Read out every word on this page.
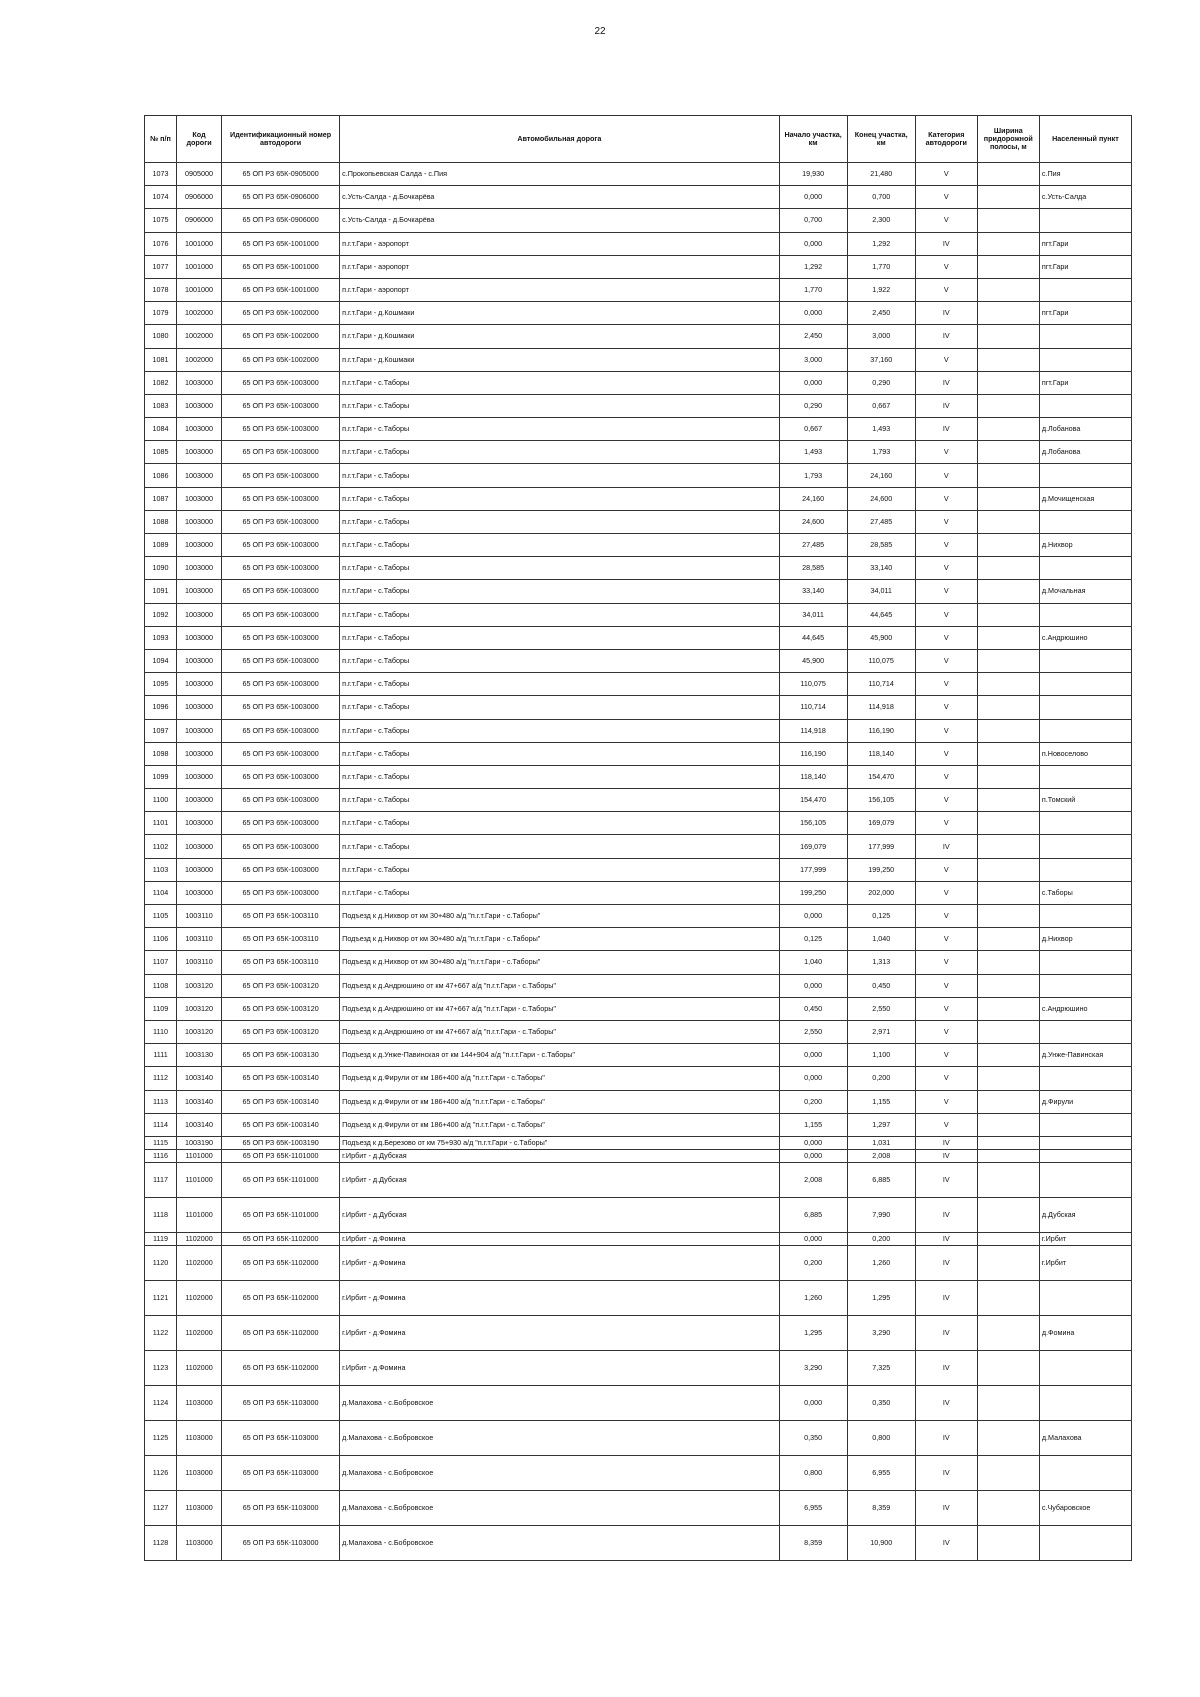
22
№ п/п	Код дороги	Идентификационный номер автодороги	Автомобильная дорога	Начало участка, км	Конец участка, км	Категория автодороги	Ширина придорожной полосы, м	Населенный пункт
1073	0905000	65 ОП РЗ 65К-0905000	с.Прокопьевская Салда - с.Пия	19,930	21,480	V		с.Пия
1074	0906000	65 ОП РЗ 65К-0906000	с.Усть-Салда - д.Бочкарёва	0,000	0,700	V		с.Усть-Салда
1075	0906000	65 ОП РЗ 65К-0906000	с.Усть-Салда - д.Бочкарёва	0,700	2,300	V		
1076	1001000	65 ОП РЗ 65К-1001000	п.г.т.Гари - аэропорт	0,000	1,292	IV		пгт.Гари
1077	1001000	65 ОП РЗ 65К-1001000	п.г.т.Гари - аэропорт	1,292	1,770	V		пгт.Гари
1078	1001000	65 ОП РЗ 65К-1001000	п.г.т.Гари - аэропорт	1,770	1,922	V		
1079	1002000	65 ОП РЗ 65К-1002000	п.г.т.Гари - д.Кошмаки	0,000	2,450	IV		пгт.Гари
1080	1002000	65 ОП РЗ 65К-1002000	п.г.т.Гари - д.Кошмаки	2,450	3,000	IV		
1081	1002000	65 ОП РЗ 65К-1002000	п.г.т.Гари - д.Кошмаки	3,000	37,160	V		
1082	1003000	65 ОП РЗ 65К-1003000	п.г.т.Гари - с.Таборы	0,000	0,290	IV		пгт.Гари
1083	1003000	65 ОП РЗ 65К-1003000	п.г.т.Гари - с.Таборы	0,290	0,667	IV		
1084	1003000	65 ОП РЗ 65К-1003000	п.г.т.Гари - с.Таборы	0,667	1,493	IV		д.Лобанова
1085	1003000	65 ОП РЗ 65К-1003000	п.г.т.Гари - с.Таборы	1,493	1,793	V		д.Лобанова
1086	1003000	65 ОП РЗ 65К-1003000	п.г.т.Гари - с.Таборы	1,793	24,160	V		
1087	1003000	65 ОП РЗ 65К-1003000	п.г.т.Гари - с.Таборы	24,160	24,600	V		д.Мочищенская
1088	1003000	65 ОП РЗ 65К-1003000	п.г.т.Гари - с.Таборы	24,600	27,485	V		
1089	1003000	65 ОП РЗ 65К-1003000	п.г.т.Гари - с.Таборы	27,485	28,585	V		д.Нихвор
1090	1003000	65 ОП РЗ 65К-1003000	п.г.т.Гари - с.Таборы	28,585	33,140	V		
1091	1003000	65 ОП РЗ 65К-1003000	п.г.т.Гари - с.Таборы	33,140	34,011	V		д.Мочальная
1092	1003000	65 ОП РЗ 65К-1003000	п.г.т.Гари - с.Таборы	34,011	44,645	V		
1093	1003000	65 ОП РЗ 65К-1003000	п.г.т.Гари - с.Таборы	44,645	45,900	V		с.Андрюшино
1094	1003000	65 ОП РЗ 65К-1003000	п.г.т.Гари - с.Таборы	45,900	110,075	V		
1095	1003000	65 ОП РЗ 65К-1003000	п.г.т.Гари - с.Таборы	110,075	110,714	V		
1096	1003000	65 ОП РЗ 65К-1003000	п.г.т.Гари - с.Таборы	110,714	114,918	V		
1097	1003000	65 ОП РЗ 65К-1003000	п.г.т.Гари - с.Таборы	114,918	116,190	V		
1098	1003000	65 ОП РЗ 65К-1003000	п.г.т.Гари - с.Таборы	116,190	118,140	V		п.Новоселово
1099	1003000	65 ОП РЗ 65К-1003000	п.г.т.Гари - с.Таборы	118,140	154,470	V		
1100	1003000	65 ОП РЗ 65К-1003000	п.г.т.Гари - с.Таборы	154,470	156,105	V		п.Томский
1101	1003000	65 ОП РЗ 65К-1003000	п.г.т.Гари - с.Таборы	156,105	169,079	V		
1102	1003000	65 ОП РЗ 65К-1003000	п.г.т.Гари - с.Таборы	169,079	177,999	IV		
1103	1003000	65 ОП РЗ 65К-1003000	п.г.т.Гари - с.Таборы	177,999	199,250	V		
1104	1003000	65 ОП РЗ 65К-1003000	п.г.т.Гари - с.Таборы	199,250	202,000	V		с.Таборы
1105	1003110	65 ОП РЗ 65К-1003110	Подъезд к д.Нихвор от км 30+480 а/д "п.г.т.Гари - с.Таборы"	0,000	0,125	V		
1106	1003110	65 ОП РЗ 65К-1003110	Подъезд к д.Нихвор от км 30+480 а/д "п.г.т.Гари - с.Таборы"	0,125	1,040	V		д.Нихвор
1107	1003110	65 ОП РЗ 65К-1003110	Подъезд к д.Нихвор от км 30+480 а/д "п.г.т.Гари - с.Таборы"	1,040	1,313	V		
1108	1003120	65 ОП РЗ 65К-1003120	Подъезд к д.Андрюшино от км 47+667 а/д "п.г.т.Гари - с.Таборы"	0,000	0,450	V		
1109	1003120	65 ОП РЗ 65К-1003120	Подъезд к д.Андрюшино от км 47+667 а/д "п.г.т.Гари - с.Таборы"	0,450	2,550	V		с.Андрюшино
1110	1003120	65 ОП РЗ 65К-1003120	Подъезд к д.Андрюшино от км 47+667 а/д "п.г.т.Гари - с.Таборы"	2,550	2,971	V		
1111	1003130	65 ОП РЗ 65К-1003130	Подъезд к д.Унже-Павинская от км 144+904 а/д "п.г.т.Гари - с.Таборы"	0,000	1,100	V		д.Унже-Павинская
1112	1003140	65 ОП РЗ 65К-1003140	Подъезд к д.Фирули от км 186+400 а/д "п.г.т.Гари - с.Таборы"	0,000	0,200	V		
1113	1003140	65 ОП РЗ 65К-1003140	Подъезд к д.Фирули от км 186+400 а/д "п.г.т.Гари - с.Таборы"	0,200	1,155	V		д.Фирули
1114	1003140	65 ОП РЗ 65К-1003140	Подъезд к д.Фирули от км 186+400 а/д "п.г.т.Гари - с.Таборы"	1,155	1,297	V		
1115	1003190	65 ОП РЗ 65К-1003190	Подъезд к д.Березово от км 75+930 а/д "п.г.т.Гари - с.Таборы"	0,000	1,031	IV		
1116	1101000	65 ОП РЗ 65К-1101000	г.Ирбит - д.Дубская	0,000	2,008	IV		
1117	1101000	65 ОП РЗ 65К-1101000	г.Ирбит - д.Дубская	2,008	6,885	IV		
1118	1101000	65 ОП РЗ 65К-1101000	г.Ирбит - д.Дубская	6,885	7,990	IV		д.Дубская
1119	1102000	65 ОП РЗ 65К-1102000	г.Ирбит - д.Фомина	0,000	0,200	IV		г.Ирбит
1120	1102000	65 ОП РЗ 65К-1102000	г.Ирбит - д.Фомина	0,200	1,260	IV		г.Ирбит
1121	1102000	65 ОП РЗ 65К-1102000	г.Ирбит - д.Фомина	1,260	1,295	IV		
1122	1102000	65 ОП РЗ 65К-1102000	г.Ирбит - д.Фомина	1,295	3,290	IV		д.Фомина
1123	1102000	65 ОП РЗ 65К-1102000	г.Ирбит - д.Фомина	3,290	7,325	IV		
1124	1103000	65 ОП РЗ 65К-1103000	д.Малахова - с.Бобровское	0,000	0,350	IV		
1125	1103000	65 ОП РЗ 65К-1103000	д.Малахова - с.Бобровское	0,350	0,800	IV		д.Малахова
1126	1103000	65 ОП РЗ 65К-1103000	д.Малахова - с.Бобровское	0,800	6,955	IV		
1127	1103000	65 ОП РЗ 65К-1103000	д.Малахова - с.Бобровское	6,955	8,359	IV		с.Чубаровское
1128	1103000	65 ОП РЗ 65К-1103000	д.Малахова - с.Бобровское	8,359	10,900	IV		
